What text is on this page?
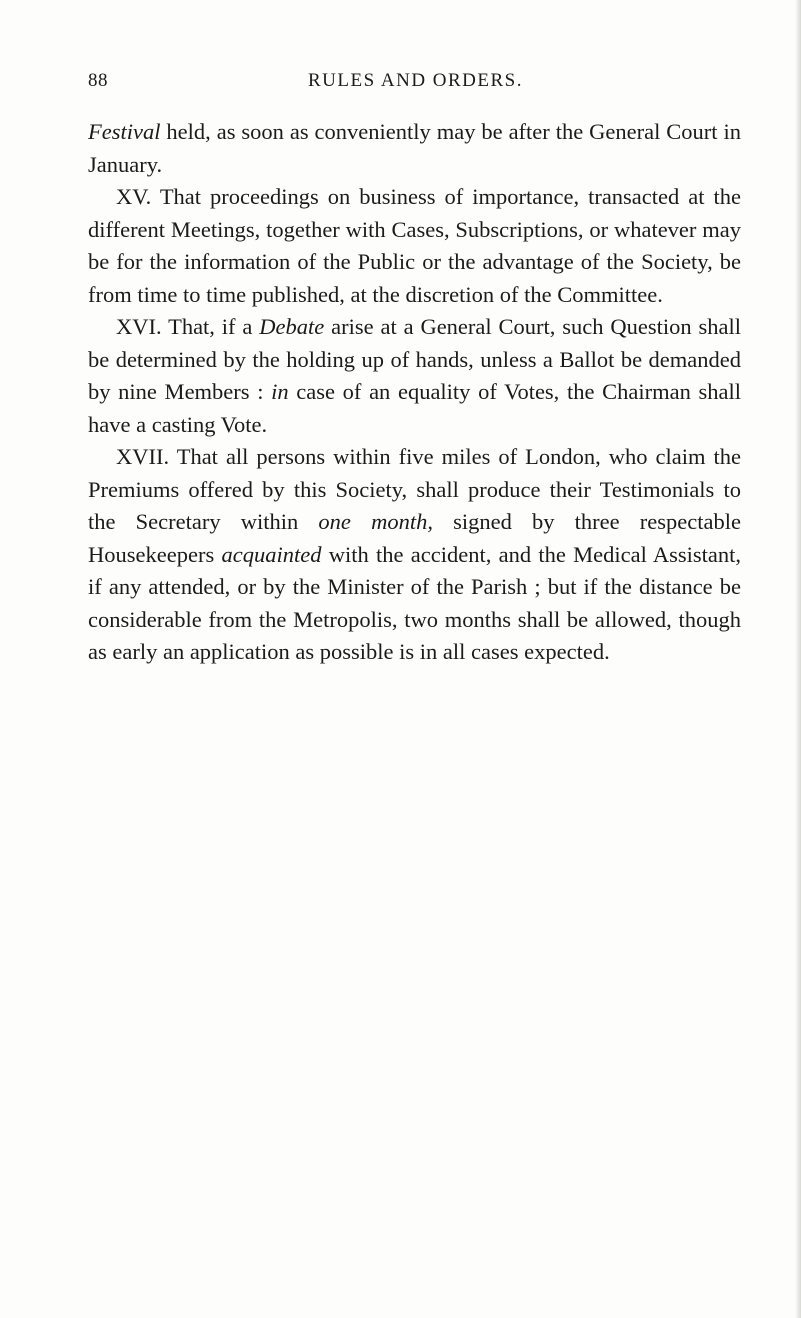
88	RULES AND ORDERS.

Festival held, as soon as conveniently may be after the General Court in January.

XV. That proceedings on business of importance, transacted at the different Meetings, together with Cases, Subscriptions, or whatever may be for the information of the Public or the advantage of the Society, be from time to time published, at the discretion of the Committee.

XVI. That, if a Debate arise at a General Court, such Question shall be determined by the holding up of hands, unless a Ballot be demanded by nine Members : in case of an equality of Votes, the Chairman shall have a casting Vote.

XVII. That all persons within five miles of London, who claim the Premiums offered by this Society, shall produce their Testimonials to the Secretary within one month, signed by three respectable Housekeepers acquainted with the accident, and the Medical Assistant, if any attended, or by the Minister of the Parish ; but if the distance be considerable from the Metropolis, two months shall be allowed, though as early an application as possible is in all cases expected.
